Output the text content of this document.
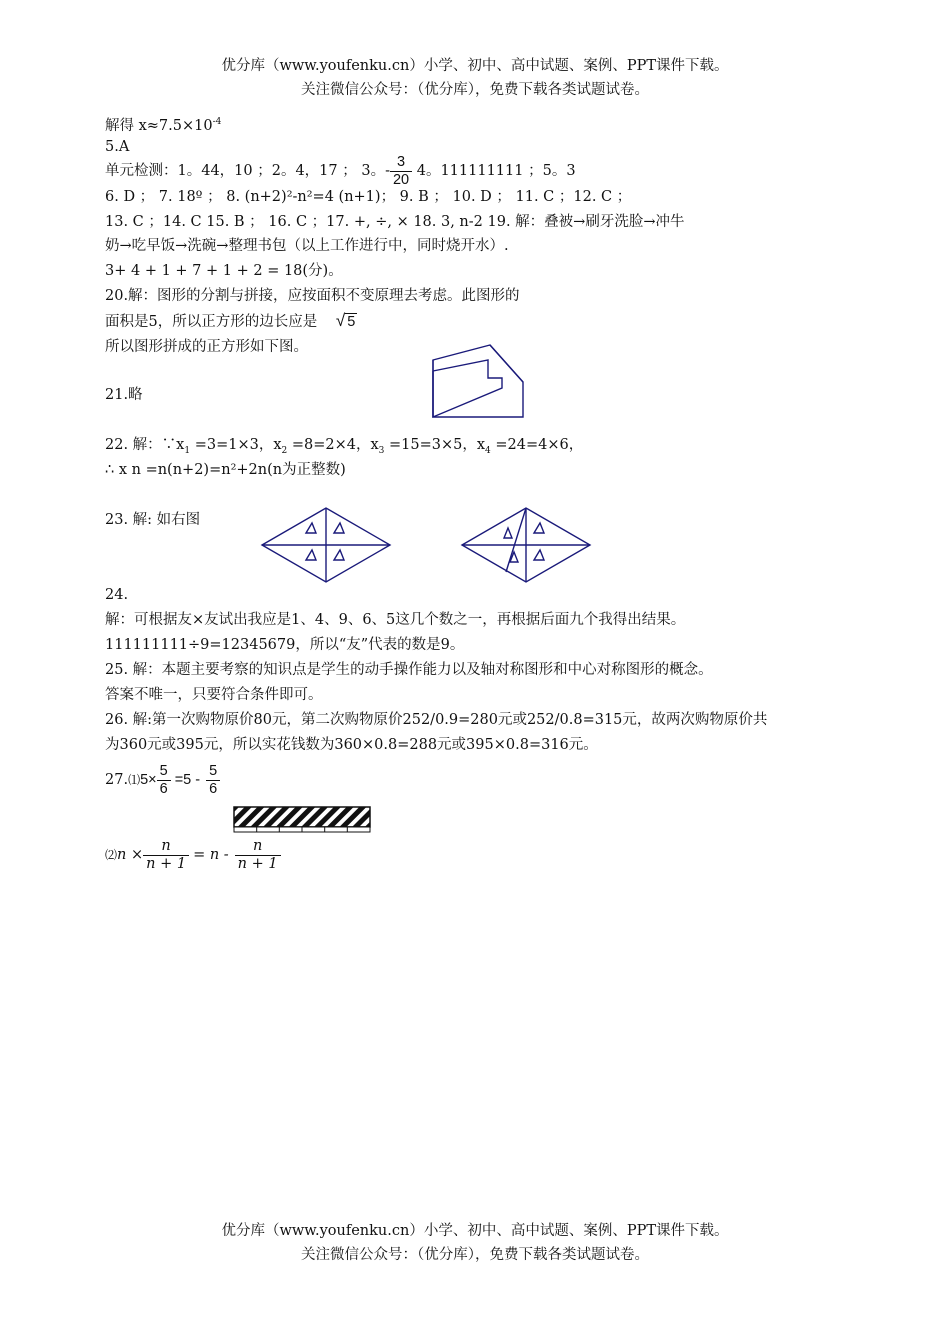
优分库（www.youfenku.cn）小学、初中、高中试题、案例、PPT课件下载。
关注微信公众号：（优分库），免费下载各类试题试卷。
解得 $x\approx 7.5\times 10^{-4}$
5.A
单元检测：1。44，10 ；2。4，17 ； 3。- $\frac{3}{20} 4$。111111111 ；5。3
6. D ； 7. 18º ； 8. (n+2)²-n²=4 (n+1)； 9. B ； 10. D ； 11. C ；12. C ；
13. C ；14. C 15. B ； 16. C ；17. +, ÷, × 18. 3, n-2 19. 解：叠被→刷牙洗脸→冲牛
奶→吃早饭→洗碗→整理书包（以上工作进行中，同时烧开水）.
3+ 4 + 1 + 7 + 1 + 2 = 18(分)。
20.解：图形的分割与拼接，应按面积不变原理去考虑。此图形的
面积是5，所以正方形的边长应是 √ 5
所以图形拼成的正方形如下图。
21.略
22. 解：$\because x_1 =3=1\times 3$，$x_2 =8=2\times 4$，$x_3 =15=3\times 5$，$x_4 =24=4\times 6$，
∴ x n =n(n+2)=n²+2n(n为正整数)
23. 解: 如右图
24.
解：可根据友×友试出我应是1、4、9、6、5这几个数之一，再根据后面九个我得出结果。
111111111÷9=12345679，所以“友”代表的数是9。
25. 解：本题主要考察的知识点是学生的动手操作能力以及轴对称图形和中心对称图形的概念。
答案不唯一，只要符合条件即可。
26. 解:第一次购物原价80元，第二次购物原价252/0.9=280元或252/0.8=315元，故两次购物原价共
为360元或395元，所以实花钱数为360×0.8=288元或395×0.8=316元。
27.⑴5× $\frac{5}{6} =5 - \frac{5}{6}$
⑵n × $\frac{n}{n + 1} = n - \frac{n}{n + 1}$
优分库（www.youfenku.cn）小学、初中、高中试题、案例、PPT课件下载。
关注微信公众号：（优分库），免费下载各类试题试卷。
